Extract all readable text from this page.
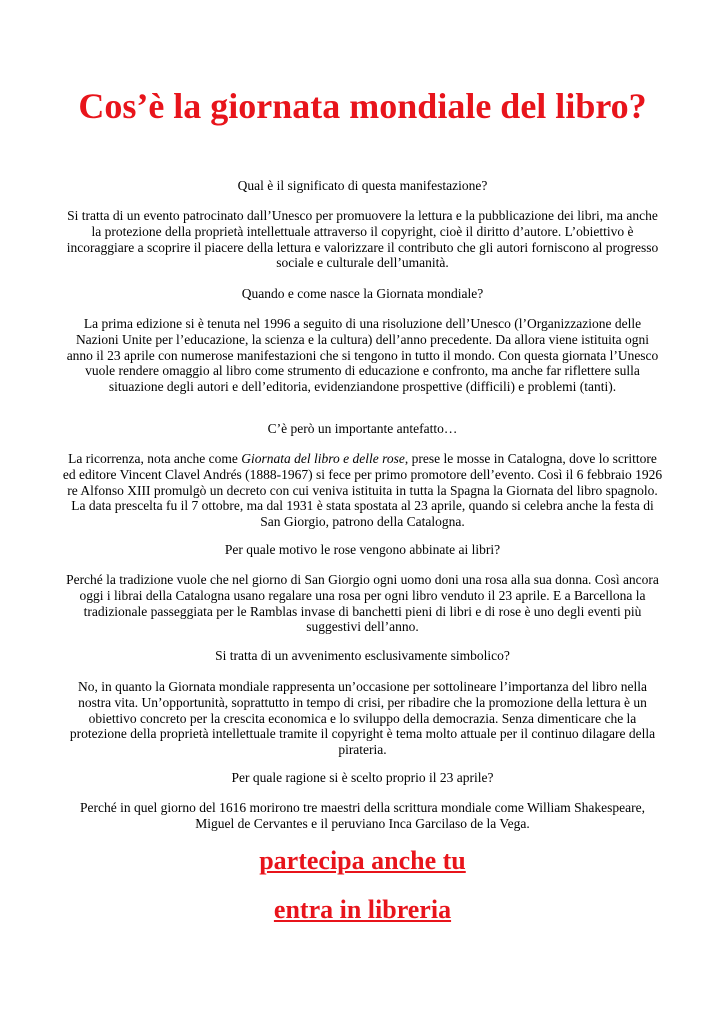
Cos’è la giornata mondiale del libro?

Qual è il significato di questa manifestazione?

Si tratta di un evento patrocinato dall’Unesco per promuovere la lettura e la pubblicazione dei libri, ma anche la protezione della proprietà intellettuale attraverso il copyright, cioè il diritto d’autore. L’obiettivo è incoraggiare a scoprire il piacere della lettura e valorizzare il contributo che gli autori forniscono al progresso sociale e culturale dell’umanità.

Quando e come nasce la Giornata mondiale?

La prima edizione si è tenuta nel 1996 a seguito di una risoluzione dell’Unesco (l’Organizzazione delle Nazioni Unite per l’educazione, la scienza e la cultura) dell’anno precedente. Da allora viene istituita ogni anno il 23 aprile con numerose manifestazioni che si tengono in tutto il mondo. Con questa giornata l’Unesco vuole rendere omaggio al libro come strumento di educazione e confronto, ma anche far riflettere sulla situazione degli autori e dell’editoria, evidenziandone prospettive (difficili) e problemi (tanti).

C’è però un importante antefatto…

La ricorrenza, nota anche come Giornata del libro e delle rose, prese le mosse in Catalogna, dove lo scrittore ed editore Vincent Clavel Andrés (1888-1967) si fece per primo promotore dell’evento. Così il 6 febbraio 1926 re Alfonso XIII promulgò un decreto con cui veniva istituita in tutta la Spagna la Giornata del libro spagnolo. La data prescelta fu il 7 ottobre, ma dal 1931 è stata spostata al 23 aprile, quando si celebra anche la festa di San Giorgio, patrono della Catalogna.

Per quale motivo le rose vengono abbinate ai libri?

Perché la tradizione vuole che nel giorno di San Giorgio ogni uomo doni una rosa alla sua donna. Così ancora oggi i librai della Catalogna usano regalare una rosa per ogni libro venduto il 23 aprile. E a Barcellona la tradizionale passeggiata per le Ramblas invase di banchetti pieni di libri e di rose è uno degli eventi più suggestivi dell’anno.

Si tratta di un avvenimento esclusivamente simbolico?

No, in quanto la Giornata mondiale rappresenta un’occasione per sottolineare l’importanza del libro nella nostra vita. Un’opportunità, soprattutto in tempo di crisi, per ribadire che la promozione della lettura è un obiettivo concreto per la crescita economica e lo sviluppo della democrazia. Senza dimenticare che la protezione della proprietà intellettuale tramite il copyright è tema molto attuale per il continuo dilagare della pirateria.

Per quale ragione si è scelto proprio il 23 aprile?

Perché in quel giorno del 1616 morirono tre maestri della scrittura mondiale come William Shakespeare, Miguel de Cervantes e il peruviano Inca Garcilaso de la Vega.

partecipa anche tu

entra in libreria
